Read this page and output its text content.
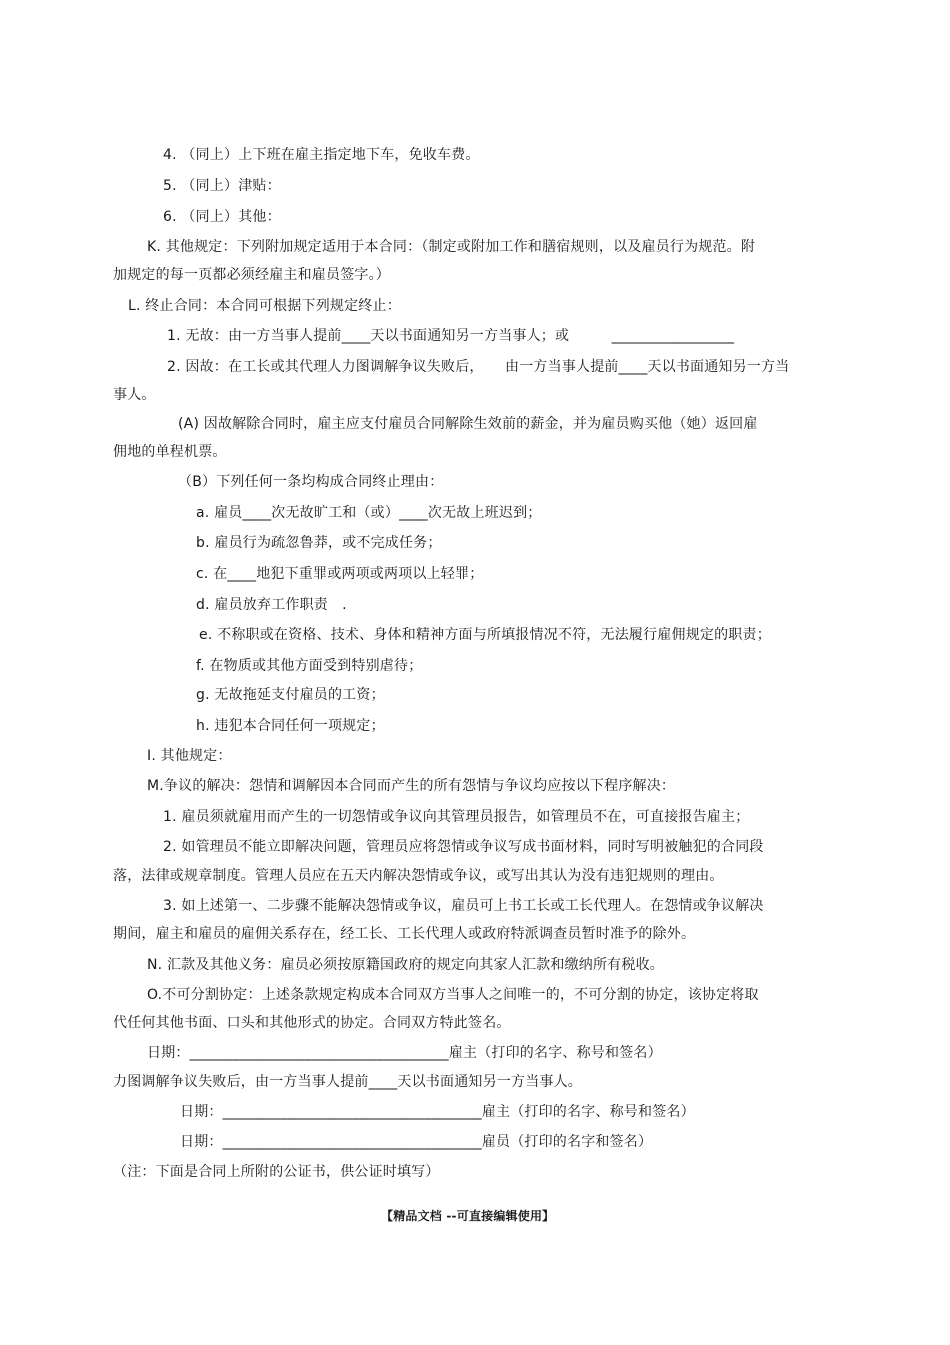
4. （同上）上下班在雇主指定地下车，免收车费。
5. （同上）津贴：
6. （同上）其他：
K. 其他规定：下列附加规定适用于本合同：（制定或附加工作和膳宿规则，以及雇员行为规范。附
加规定的每一页都必须经雇主和雇员签字。）
L. 终止合同：本合同可根据下列规定终止：
1. 无故：由一方当事人提前____天以书面通知另一方当事人；或　　　_________________
2. 因故：在工长或其代理人力图调解争议失败后，　　由一方当事人提前____天以书面通知另一方当
事人。
(A) 因故解除合同时，雇主应支付雇员合同解除生效前的薪金，并为雇员购买他（她）返回雇
佣地的单程机票。
（B）下列任何一条均构成合同终止理由：
a. 雇员____次无故旷工和（或）____次无故上班迟到；
b. 雇员行为疏忽鲁莽，或不完成任务；
c. 在____地犯下重罪或两项或两项以上轻罪；
d. 雇员放弃工作职责　.
e. 不称职或在资格、技术、身体和精神方面与所填报情况不符，无法履行雇佣规定的职责；
f. 在物质或其他方面受到特别虐待；
g. 无故拖延支付雇员的工资；
h. 违犯本合同任何一项规定；
I. 其他规定：
M.争议的解决：怨情和调解因本合同而产生的所有怨情与争议均应按以下程序解决：
1. 雇员须就雇用而产生的一切怨情或争议向其管理员报告，如管理员不在，可直接报告雇主；
2. 如管理员不能立即解决问题，管理员应将怨情或争议写成书面材料，同时写明被触犯的合同段
落，法律或规章制度。管理人员应在五天内解决怨情或争议，或写出其认为没有违犯规则的理由。
3. 如上述第一、二步骤不能解决怨情或争议，雇员可上书工长或工长代理人。在怨情或争议解决
期间，雇主和雇员的雇佣关系存在，经工长、工长代理人或政府特派调查员暂时准予的除外。
N. 汇款及其他义务：雇员必须按原籍国政府的规定向其家人汇款和缴纳所有税收。
O.不可分割协定：上述条款规定构成本合同双方当事人之间唯一的，不可分割的协定，该协定将取
代任何其他书面、口头和其他形式的协定。合同双方特此签名。
日期：____________________________________雇主（打印的名字、称号和签名）
力图调解争议失败后，由一方当事人提前____天以书面通知另一方当事人。
日期：____________________________________雇主（打印的名字、称号和签名）
日期：____________________________________雇员（打印的名字和签名）
（注：下面是合同上所附的公证书，供公证时填写）
【精品文档 --可直接编辑使用】
